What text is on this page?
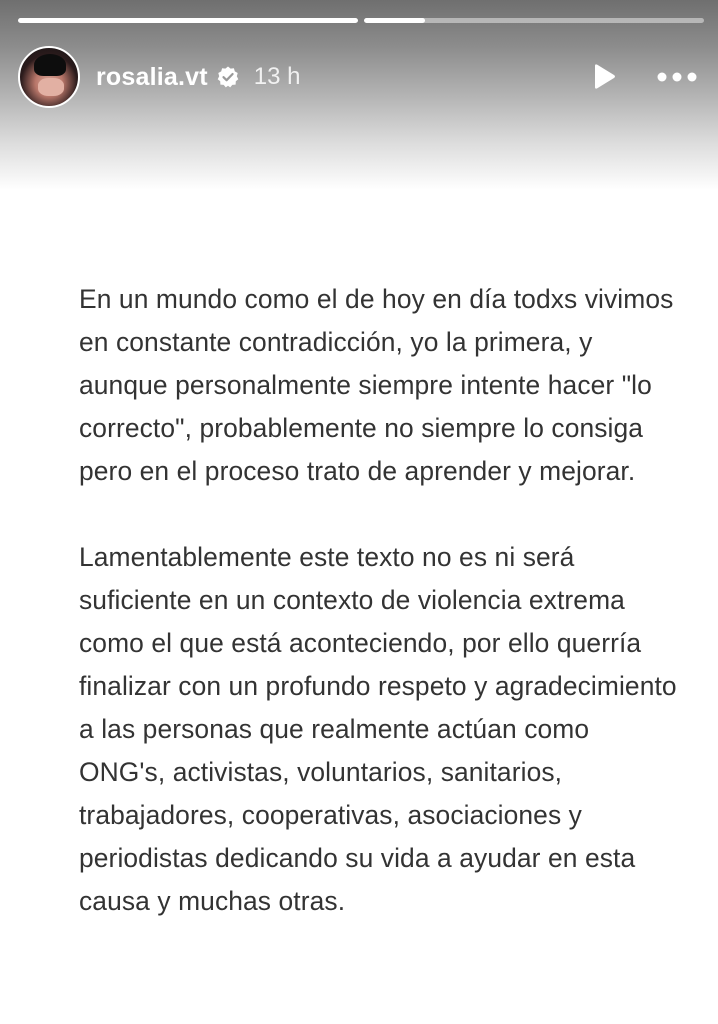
rosalia.vt 13 h

En un mundo como el de hoy en día todxs vivimos en constante contradicción, yo la primera, y aunque personalmente siempre intente hacer "lo correcto", probablemente no siempre lo consiga pero en el proceso trato de aprender y mejorar.

Lamentablemente este texto no es ni será suficiente en un contexto de violencia extrema como el que está aconteciendo, por ello querría finalizar con un profundo respeto y agradecimiento a las personas que realmente actúan como ONG's, activistas, voluntarios, sanitarios, trabajadores, cooperativas, asociaciones y periodistas dedicando su vida a ayudar en esta causa y muchas otras.
